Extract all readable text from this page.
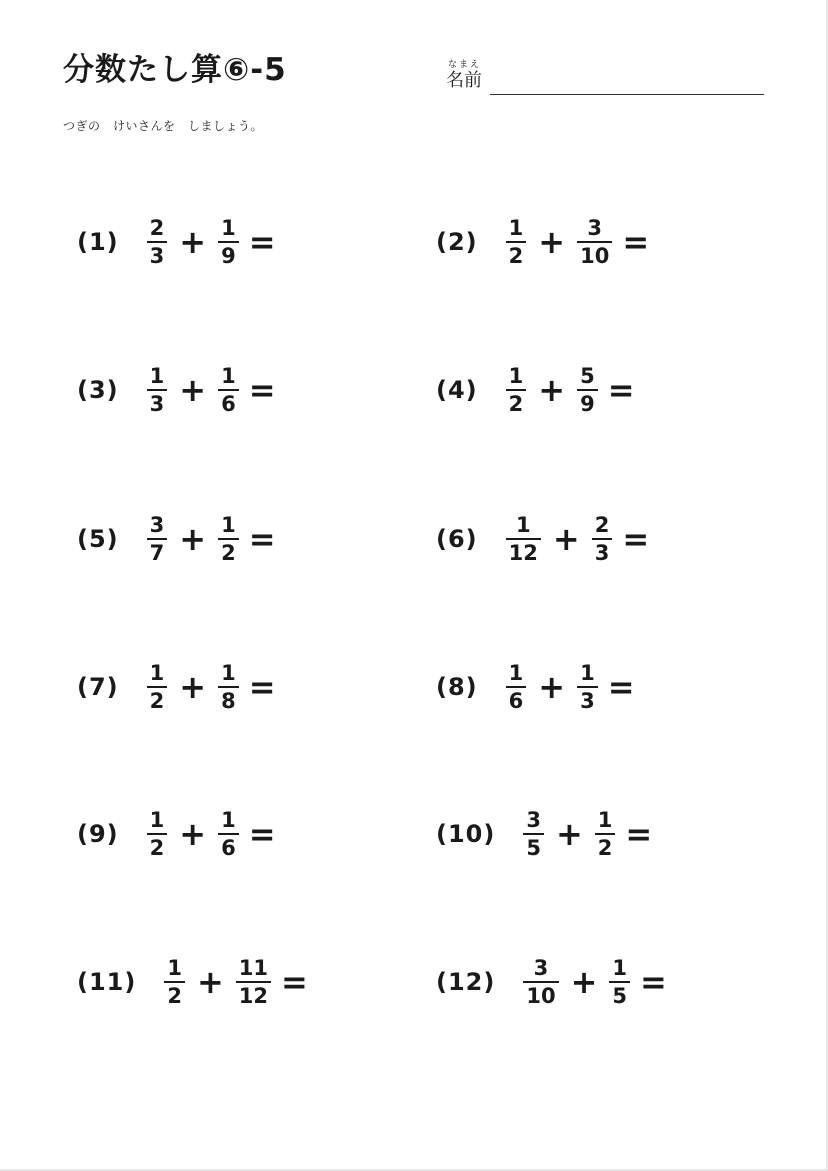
分数たし算⑥-5	なまえ
名前
つぎの　けいさんを　しましょう。
$(1) \frac{2}{3} + \frac{1}{9}$ =	$(2) \frac{1}{2} + \frac{3}{10}$ =
$(3) \frac{1}{3} + \frac{1}{6}$ =	$(4) \frac{1}{2} + \frac{5}{9}$ =
$(5) \frac{3}{7} + \frac{1}{2}$ =	$(6) \frac{1}{12} + \frac{2}{3}$ =
$(7) \frac{1}{2} + \frac{1}{8}$ =	$(8) \frac{1}{6} + \frac{1}{3}$ =
$(9) \frac{1}{2} + \frac{1}{6}$ =	$(10) \frac{3}{5} + \frac{1}{2}$ =
$(11) \frac{1}{2} + \frac{11}{12}$ =	$(12) \frac{3}{10} + \frac{1}{5}$ =
